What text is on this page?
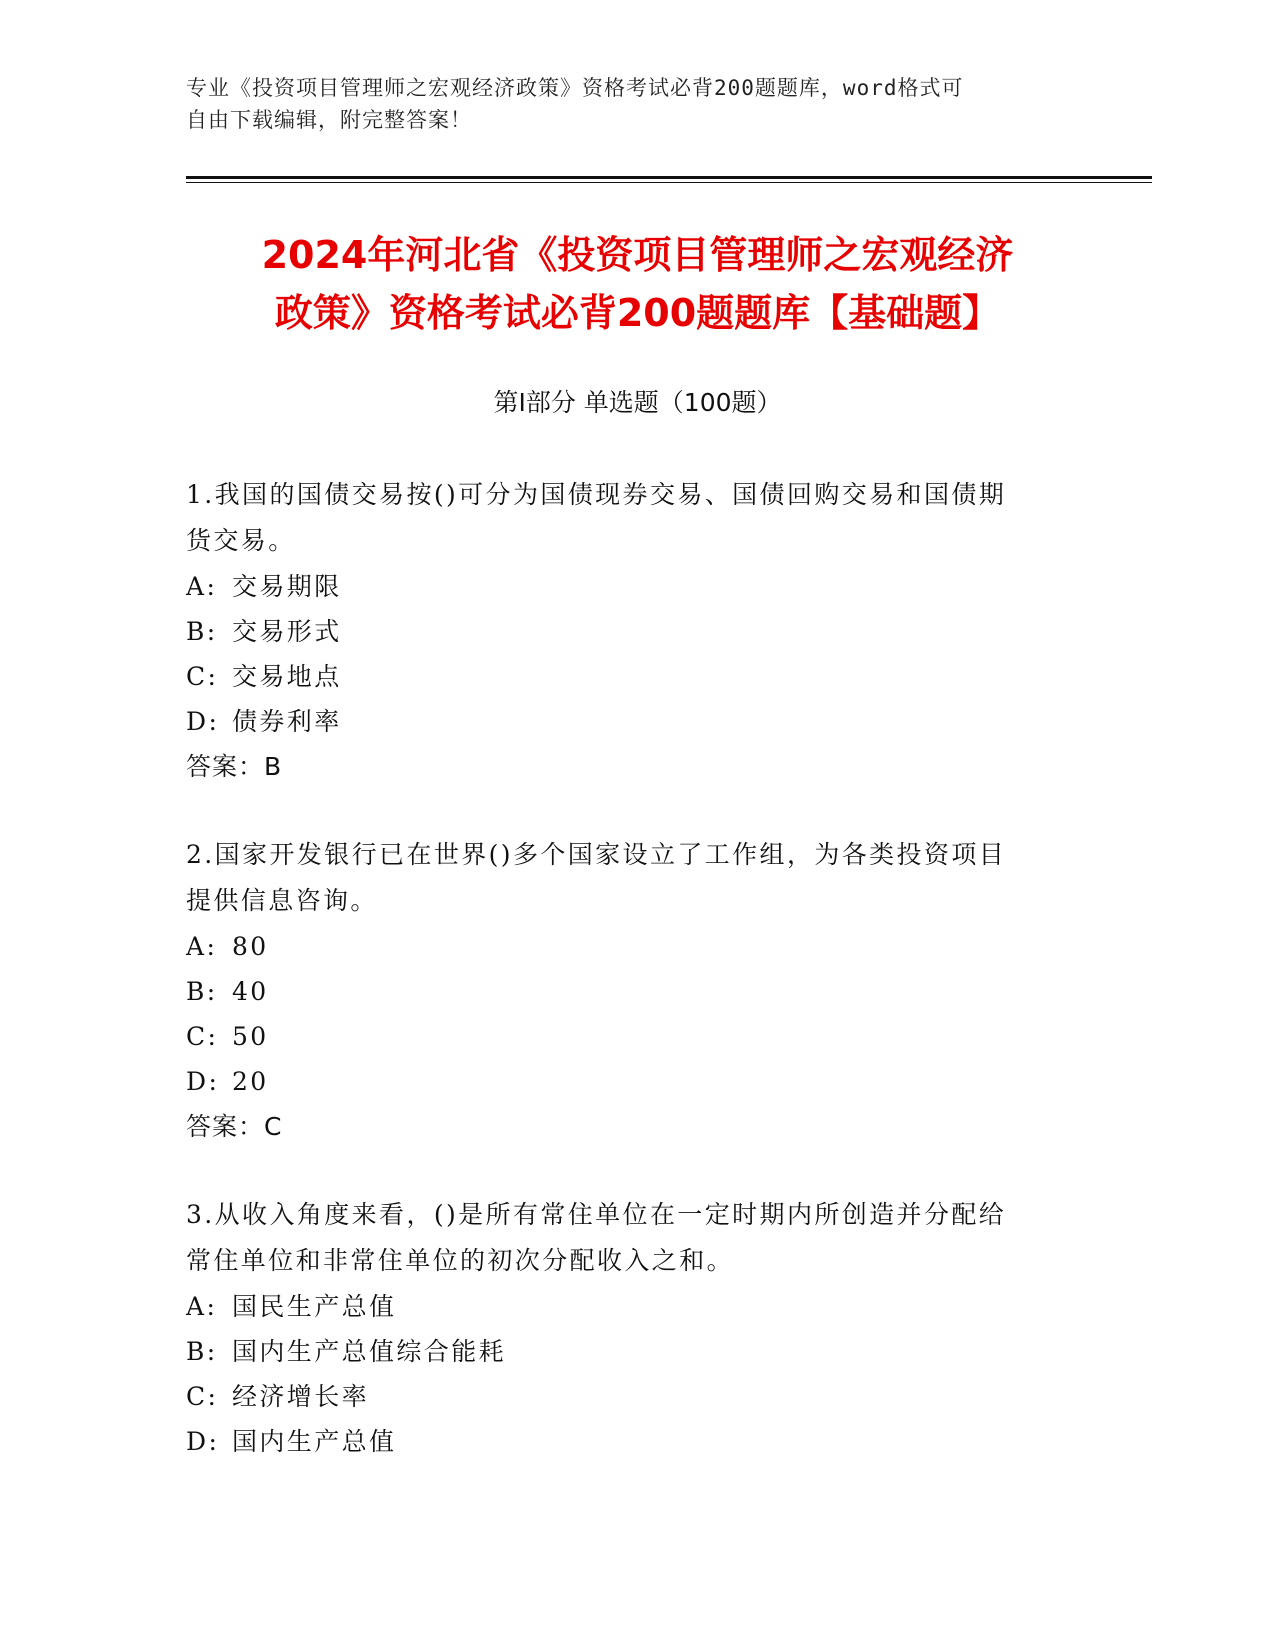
专业《投资项目管理师之宏观经济政策》资格考试必背200题题库，word格式可
自由下载编辑，附完整答案！
2024年河北省《投资项目管理师之宏观经济
政策》资格考试必背200题题库【基础题】
第Ⅰ部分 单选题（100题）

1.我国的国债交易按()可分为国债现券交易、国债回购交易和国债期

货交易。

A: 交易期限

B: 交易形式

C: 交易地点

D: 债券利率

答案：B

2.国家开发银行已在世界()多个国家设立了工作组，为各类投资项目

提供信息咨询。

A: 80

B: 40

C: 50

D: 20

答案：C

3.从收入角度来看，()是所有常住单位在一定时期内所创造并分配给

常住单位和非常住单位的初次分配收入之和。

A: 国民生产总值

B: 国内生产总值综合能耗

C: 经济增长率

D: 国内生产总值
